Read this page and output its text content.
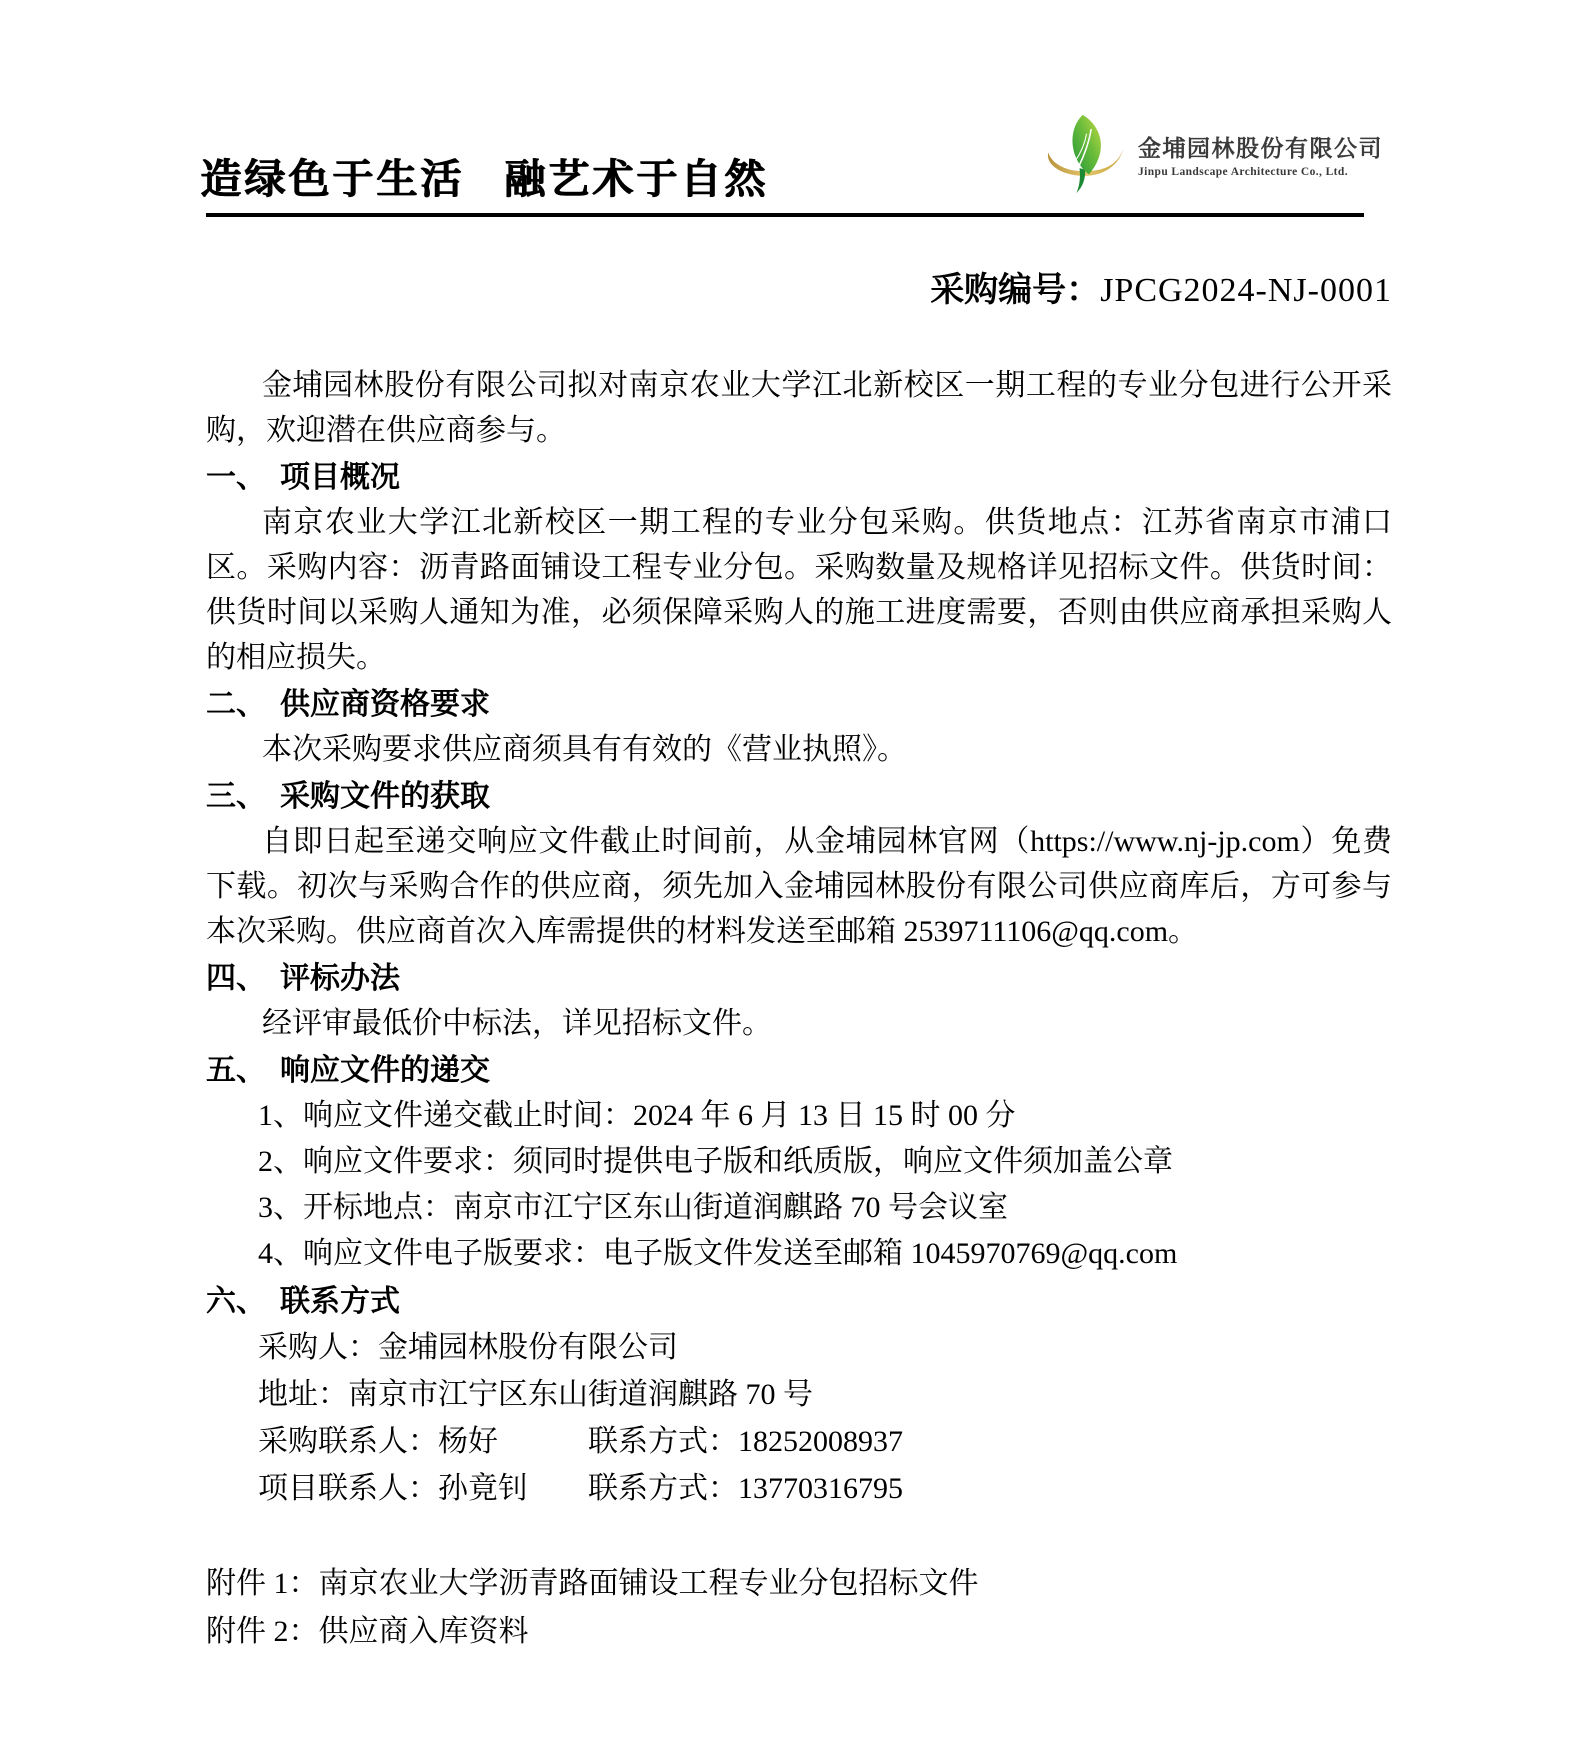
造绿色于生活 融艺术于自然
金埔园林股份有限公司
Jinpu Landscape Architecture Co., Ltd.

采购编号：JPCG2024-NJ-0001

金埔园林股份有限公司拟对南京农业大学江北新校区一期工程的专业分包进行公开采购，欢迎潜在供应商参与。

一、 项目概况

南京农业大学江北新校区一期工程的专业分包采购。供货地点：江苏省南京市浦口区。采购内容：沥青路面铺设工程专业分包。采购数量及规格详见招标文件。供货时间：供货时间以采购人通知为准，必须保障采购人的施工进度需要，否则由供应商承担采购人的相应损失。

二、 供应商资格要求

本次采购要求供应商须具有有效的《营业执照》。

三、 采购文件的获取

自即日起至递交响应文件截止时间前，从金埔园林官网（https://www.nj-jp.com）免费下载。初次与采购合作的供应商，须先加入金埔园林股份有限公司供应商库后，方可参与本次采购。供应商首次入库需提供的材料发送至邮箱 2539711106@qq.com。

四、 评标办法

经评审最低价中标法，详见招标文件。

五、 响应文件的递交
1、响应文件递交截止时间：2024 年 6 月 13 日 15 时 00 分
2、响应文件要求：须同时提供电子版和纸质版，响应文件须加盖公章
3、开标地点：南京市江宁区东山街道润麒路 70 号会议室
4、响应文件电子版要求：电子版文件发送至邮箱 1045970769@qq.com
六、 联系方式

采购人：金埔园林股份有限公司

地址：南京市江宁区东山街道润麒路 70 号

采购联系人：杨好	联系方式：18252008937
项目联系人：孙竟钊	联系方式：13770316795

附件 1：南京农业大学沥青路面铺设工程专业分包招标文件

附件 2：供应商入库资料
